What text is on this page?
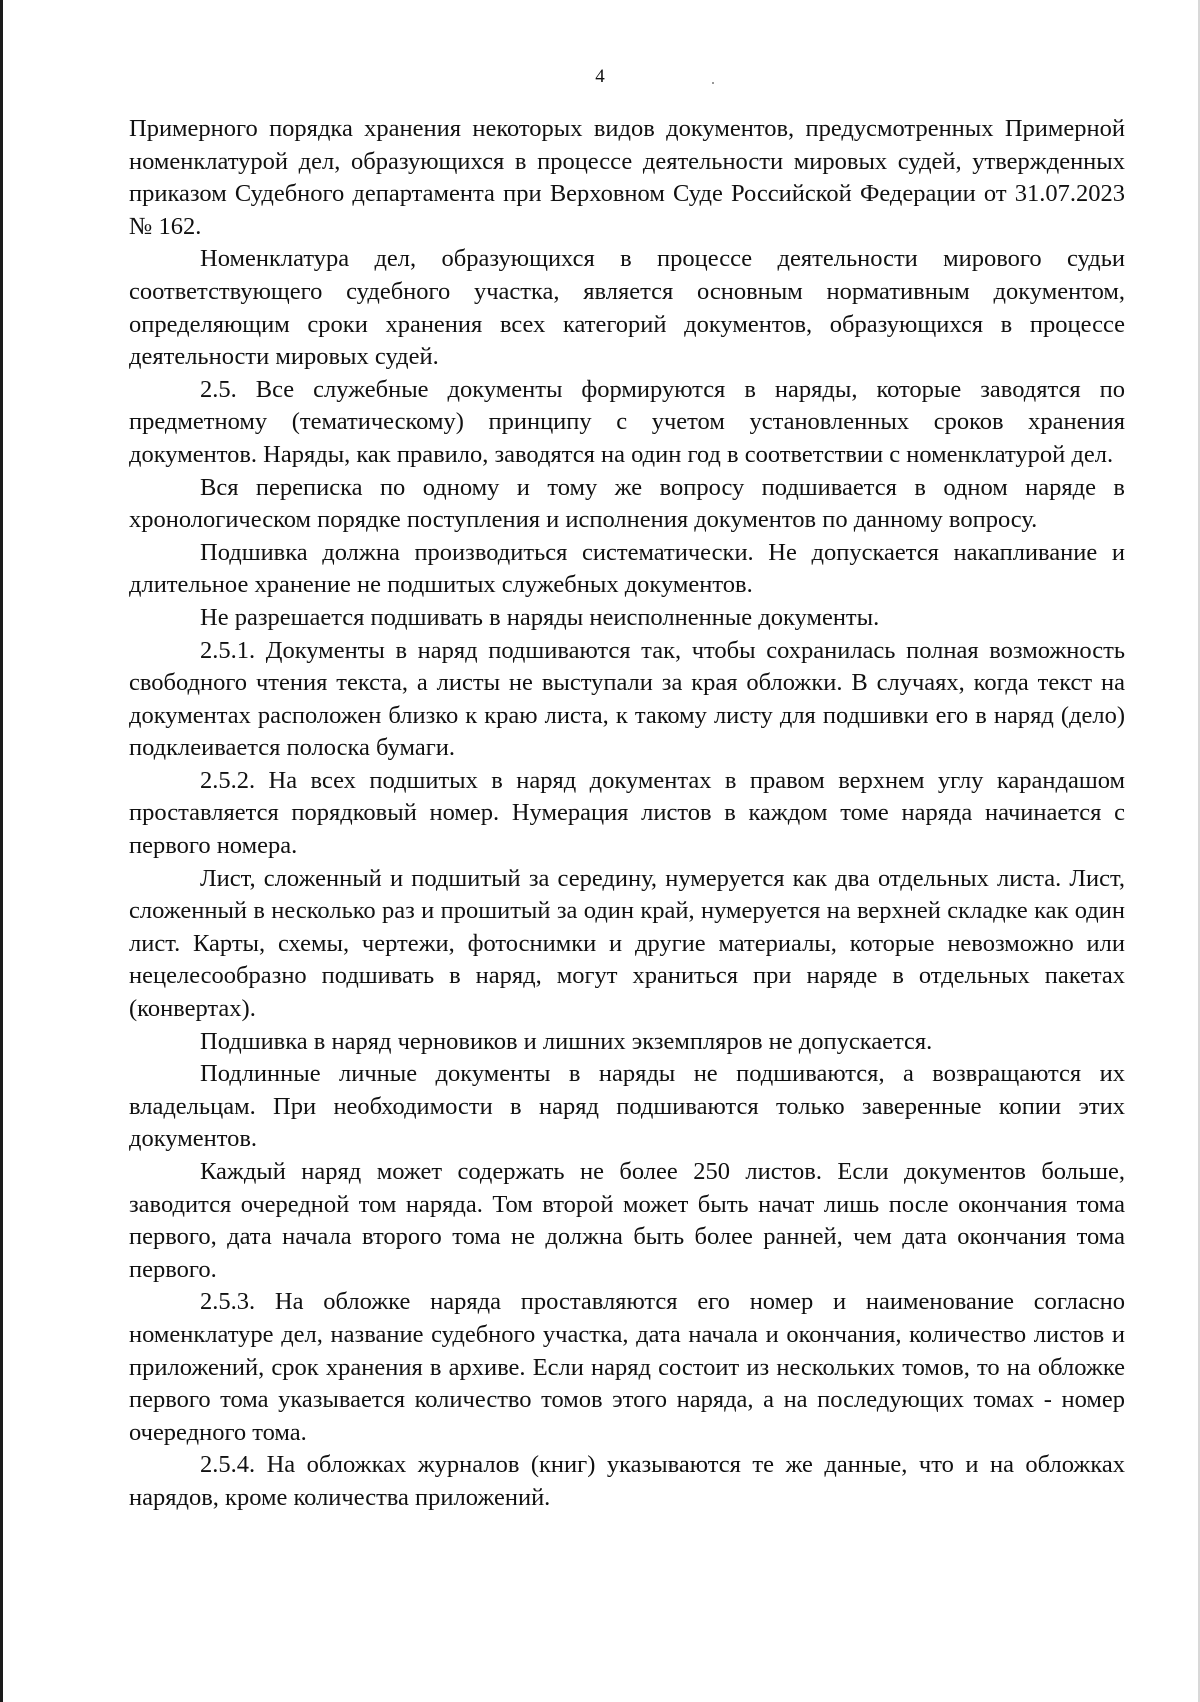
4

Примерного порядка хранения некоторых видов документов, предусмотренных Примерной номенклатурой дел, образующихся в процессе деятельности мировых судей, утвержденных приказом Судебного департамента при Верховном Суде Российской Федерации от 31.07.2023 № 162.

Номенклатура дел, образующихся в процессе деятельности мирового судьи соответствующего судебного участка, является основным нормативным документом, определяющим сроки хранения всех категорий документов, образующихся в процессе деятельности мировых судей.

2.5. Все служебные документы формируются в наряды, которые заводятся по предметному (тематическому) принципу с учетом установленных сроков хранения документов. Наряды, как правило, заводятся на один год в соответствии с номенклатурой дел.

Вся переписка по одному и тому же вопросу подшивается в одном наряде в хронологическом порядке поступления и исполнения документов по данному вопросу.

Подшивка должна производиться систематически. Не допускается накапливание и длительное хранение не подшитых служебных документов.

Не разрешается подшивать в наряды неисполненные документы.

2.5.1. Документы в наряд подшиваются так, чтобы сохранилась полная возможность свободного чтения текста, а листы не выступали за края обложки. В случаях, когда текст на документах расположен близко к краю листа, к такому листу для подшивки его в наряд (дело) подклеивается полоска бумаги.

2.5.2. На всех подшитых в наряд документах в правом верхнем углу карандашом проставляется порядковый номер. Нумерация листов в каждом томе наряда начинается с первого номера.

Лист, сложенный и подшитый за середину, нумеруется как два отдельных листа. Лист, сложенный в несколько раз и прошитый за один край, нумеруется на верхней складке как один лист. Карты, схемы, чертежи, фотоснимки и другие материалы, которые невозможно или нецелесообразно подшивать в наряд, могут храниться при наряде в отдельных пакетах (конвертах).

Подшивка в наряд черновиков и лишних экземпляров не допускается.

Подлинные личные документы в наряды не подшиваются, а возвращаются их владельцам. При необходимости в наряд подшиваются только заверенные копии этих документов.

Каждый наряд может содержать не более 250 листов. Если документов больше, заводится очередной том наряда. Том второй может быть начат лишь после окончания тома первого, дата начала второго тома не должна быть более ранней, чем дата окончания тома первого.

2.5.3. На обложке наряда проставляются его номер и наименование согласно номенклатуре дел, название судебного участка, дата начала и окончания, количество листов и приложений, срок хранения в архиве. Если наряд состоит из нескольких томов, то на обложке первого тома указывается количество томов этого наряда, а на последующих томах - номер очередного тома.

2.5.4. На обложках журналов (книг) указываются те же данные, что и на обложках нарядов, кроме количества приложений.
